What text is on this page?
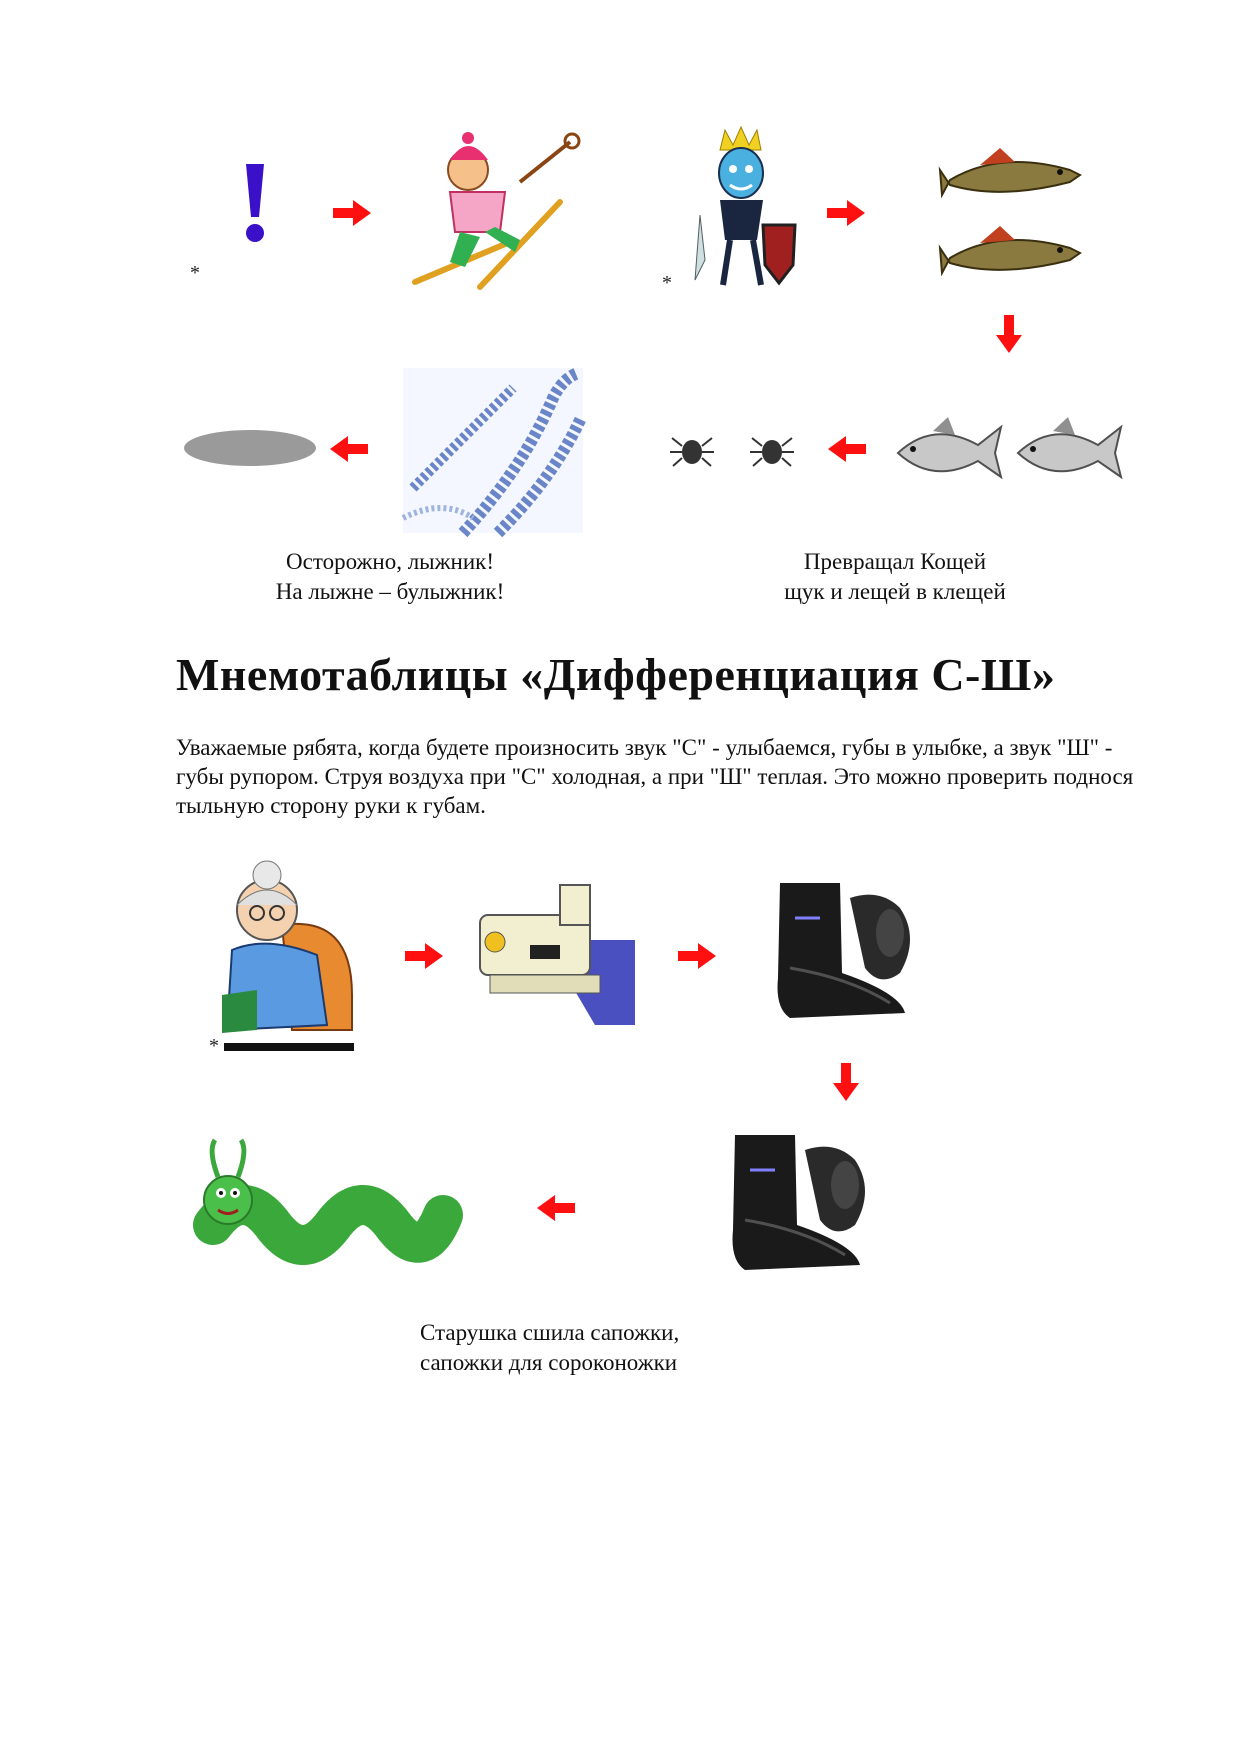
*	*
Осторожно, лыжник!
На лыжне – булыжник!
Превращал Кощей
щук и лещей в клещей
Мнемотаблицы «Дифференциация С-Ш»
Уважаемые рябята, когда будете произносить звук "С" - улыбаемся, губы в улыбке, а звук "Ш" - губы рупором. Струя воздуха при "С" холодная, а при "Ш" теплая. Это можно проверить поднося тыльную сторону руки к губам.
*
Старушка сшила сапожки,
сапожки для сороконожки
